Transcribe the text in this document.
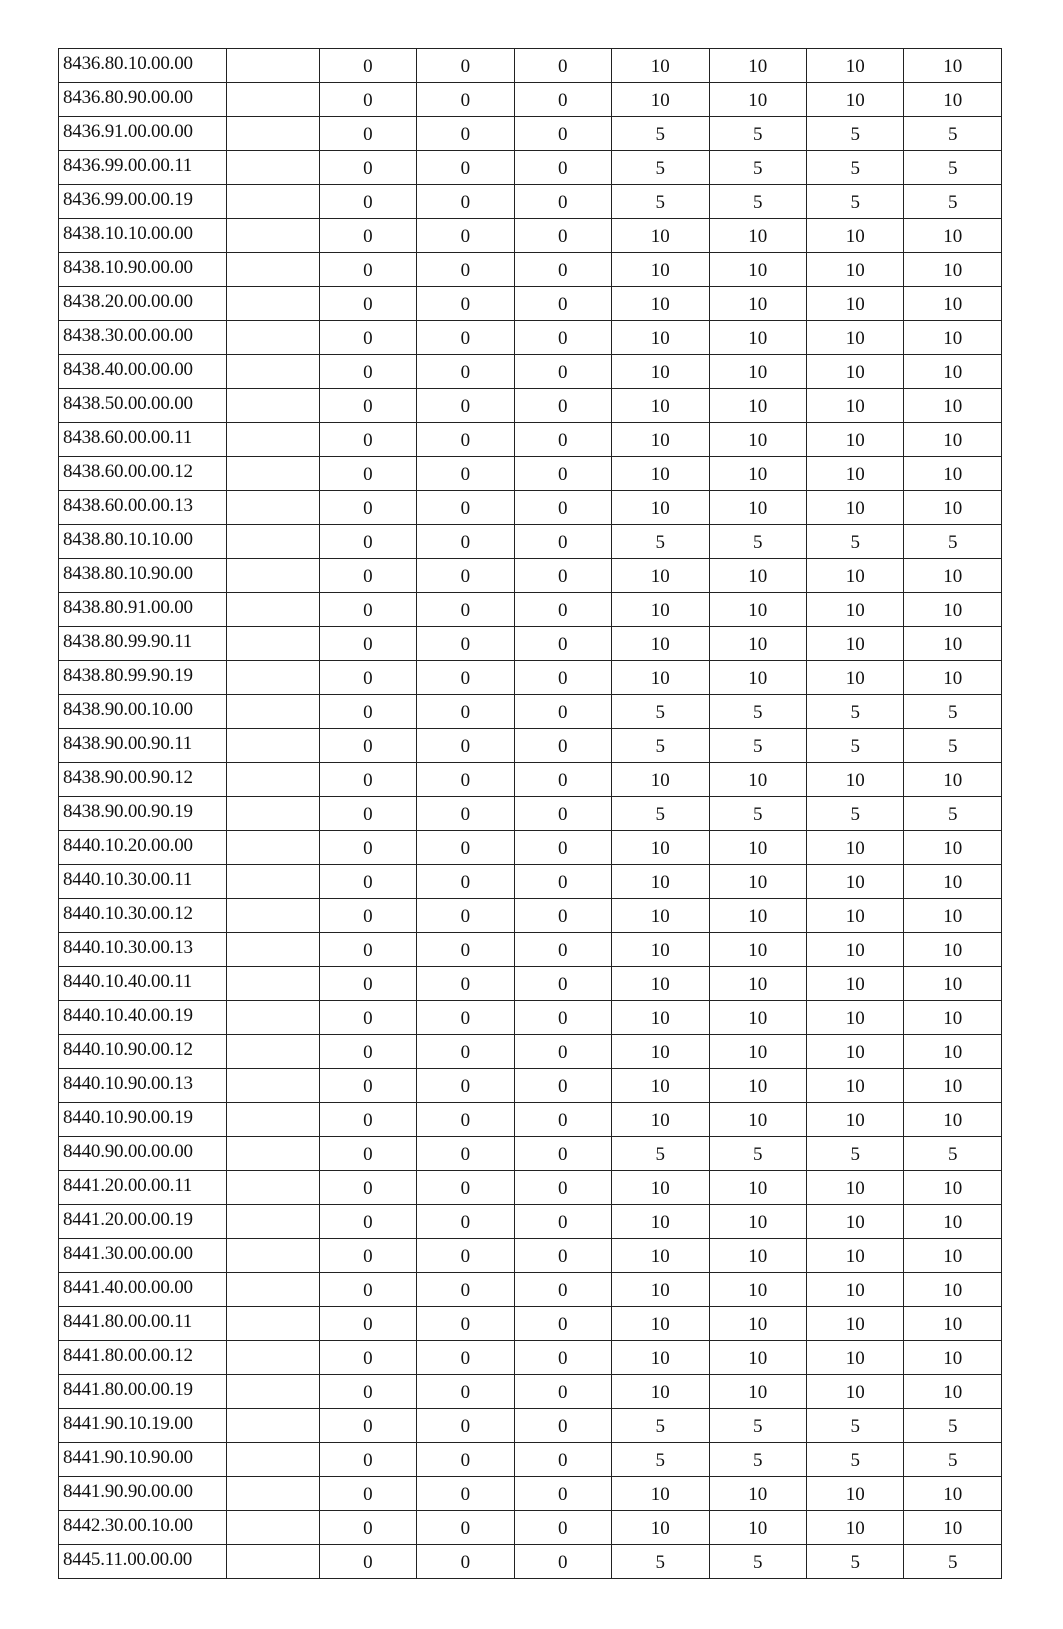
8436.80.10.00.00		0	0	0	10	10	10	10
8436.80.90.00.00		0	0	0	10	10	10	10
8436.91.00.00.00		0	0	0	5	5	5	5
8436.99.00.00.11		0	0	0	5	5	5	5
8436.99.00.00.19		0	0	0	5	5	5	5
8438.10.10.00.00		0	0	0	10	10	10	10
8438.10.90.00.00		0	0	0	10	10	10	10
8438.20.00.00.00		0	0	0	10	10	10	10
8438.30.00.00.00		0	0	0	10	10	10	10
8438.40.00.00.00		0	0	0	10	10	10	10
8438.50.00.00.00		0	0	0	10	10	10	10
8438.60.00.00.11		0	0	0	10	10	10	10
8438.60.00.00.12		0	0	0	10	10	10	10
8438.60.00.00.13		0	0	0	10	10	10	10
8438.80.10.10.00		0	0	0	5	5	5	5
8438.80.10.90.00		0	0	0	10	10	10	10
8438.80.91.00.00		0	0	0	10	10	10	10
8438.80.99.90.11		0	0	0	10	10	10	10
8438.80.99.90.19		0	0	0	10	10	10	10
8438.90.00.10.00		0	0	0	5	5	5	5
8438.90.00.90.11		0	0	0	5	5	5	5
8438.90.00.90.12		0	0	0	10	10	10	10
8438.90.00.90.19		0	0	0	5	5	5	5
8440.10.20.00.00		0	0	0	10	10	10	10
8440.10.30.00.11		0	0	0	10	10	10	10
8440.10.30.00.12		0	0	0	10	10	10	10
8440.10.30.00.13		0	0	0	10	10	10	10
8440.10.40.00.11		0	0	0	10	10	10	10
8440.10.40.00.19		0	0	0	10	10	10	10
8440.10.90.00.12		0	0	0	10	10	10	10
8440.10.90.00.13		0	0	0	10	10	10	10
8440.10.90.00.19		0	0	0	10	10	10	10
8440.90.00.00.00		0	0	0	5	5	5	5
8441.20.00.00.11		0	0	0	10	10	10	10
8441.20.00.00.19		0	0	0	10	10	10	10
8441.30.00.00.00		0	0	0	10	10	10	10
8441.40.00.00.00		0	0	0	10	10	10	10
8441.80.00.00.11		0	0	0	10	10	10	10
8441.80.00.00.12		0	0	0	10	10	10	10
8441.80.00.00.19		0	0	0	10	10	10	10
8441.90.10.19.00		0	0	0	5	5	5	5
8441.90.10.90.00		0	0	0	5	5	5	5
8441.90.90.00.00		0	0	0	10	10	10	10
8442.30.00.10.00		0	0	0	10	10	10	10
8445.11.00.00.00		0	0	0	5	5	5	5
